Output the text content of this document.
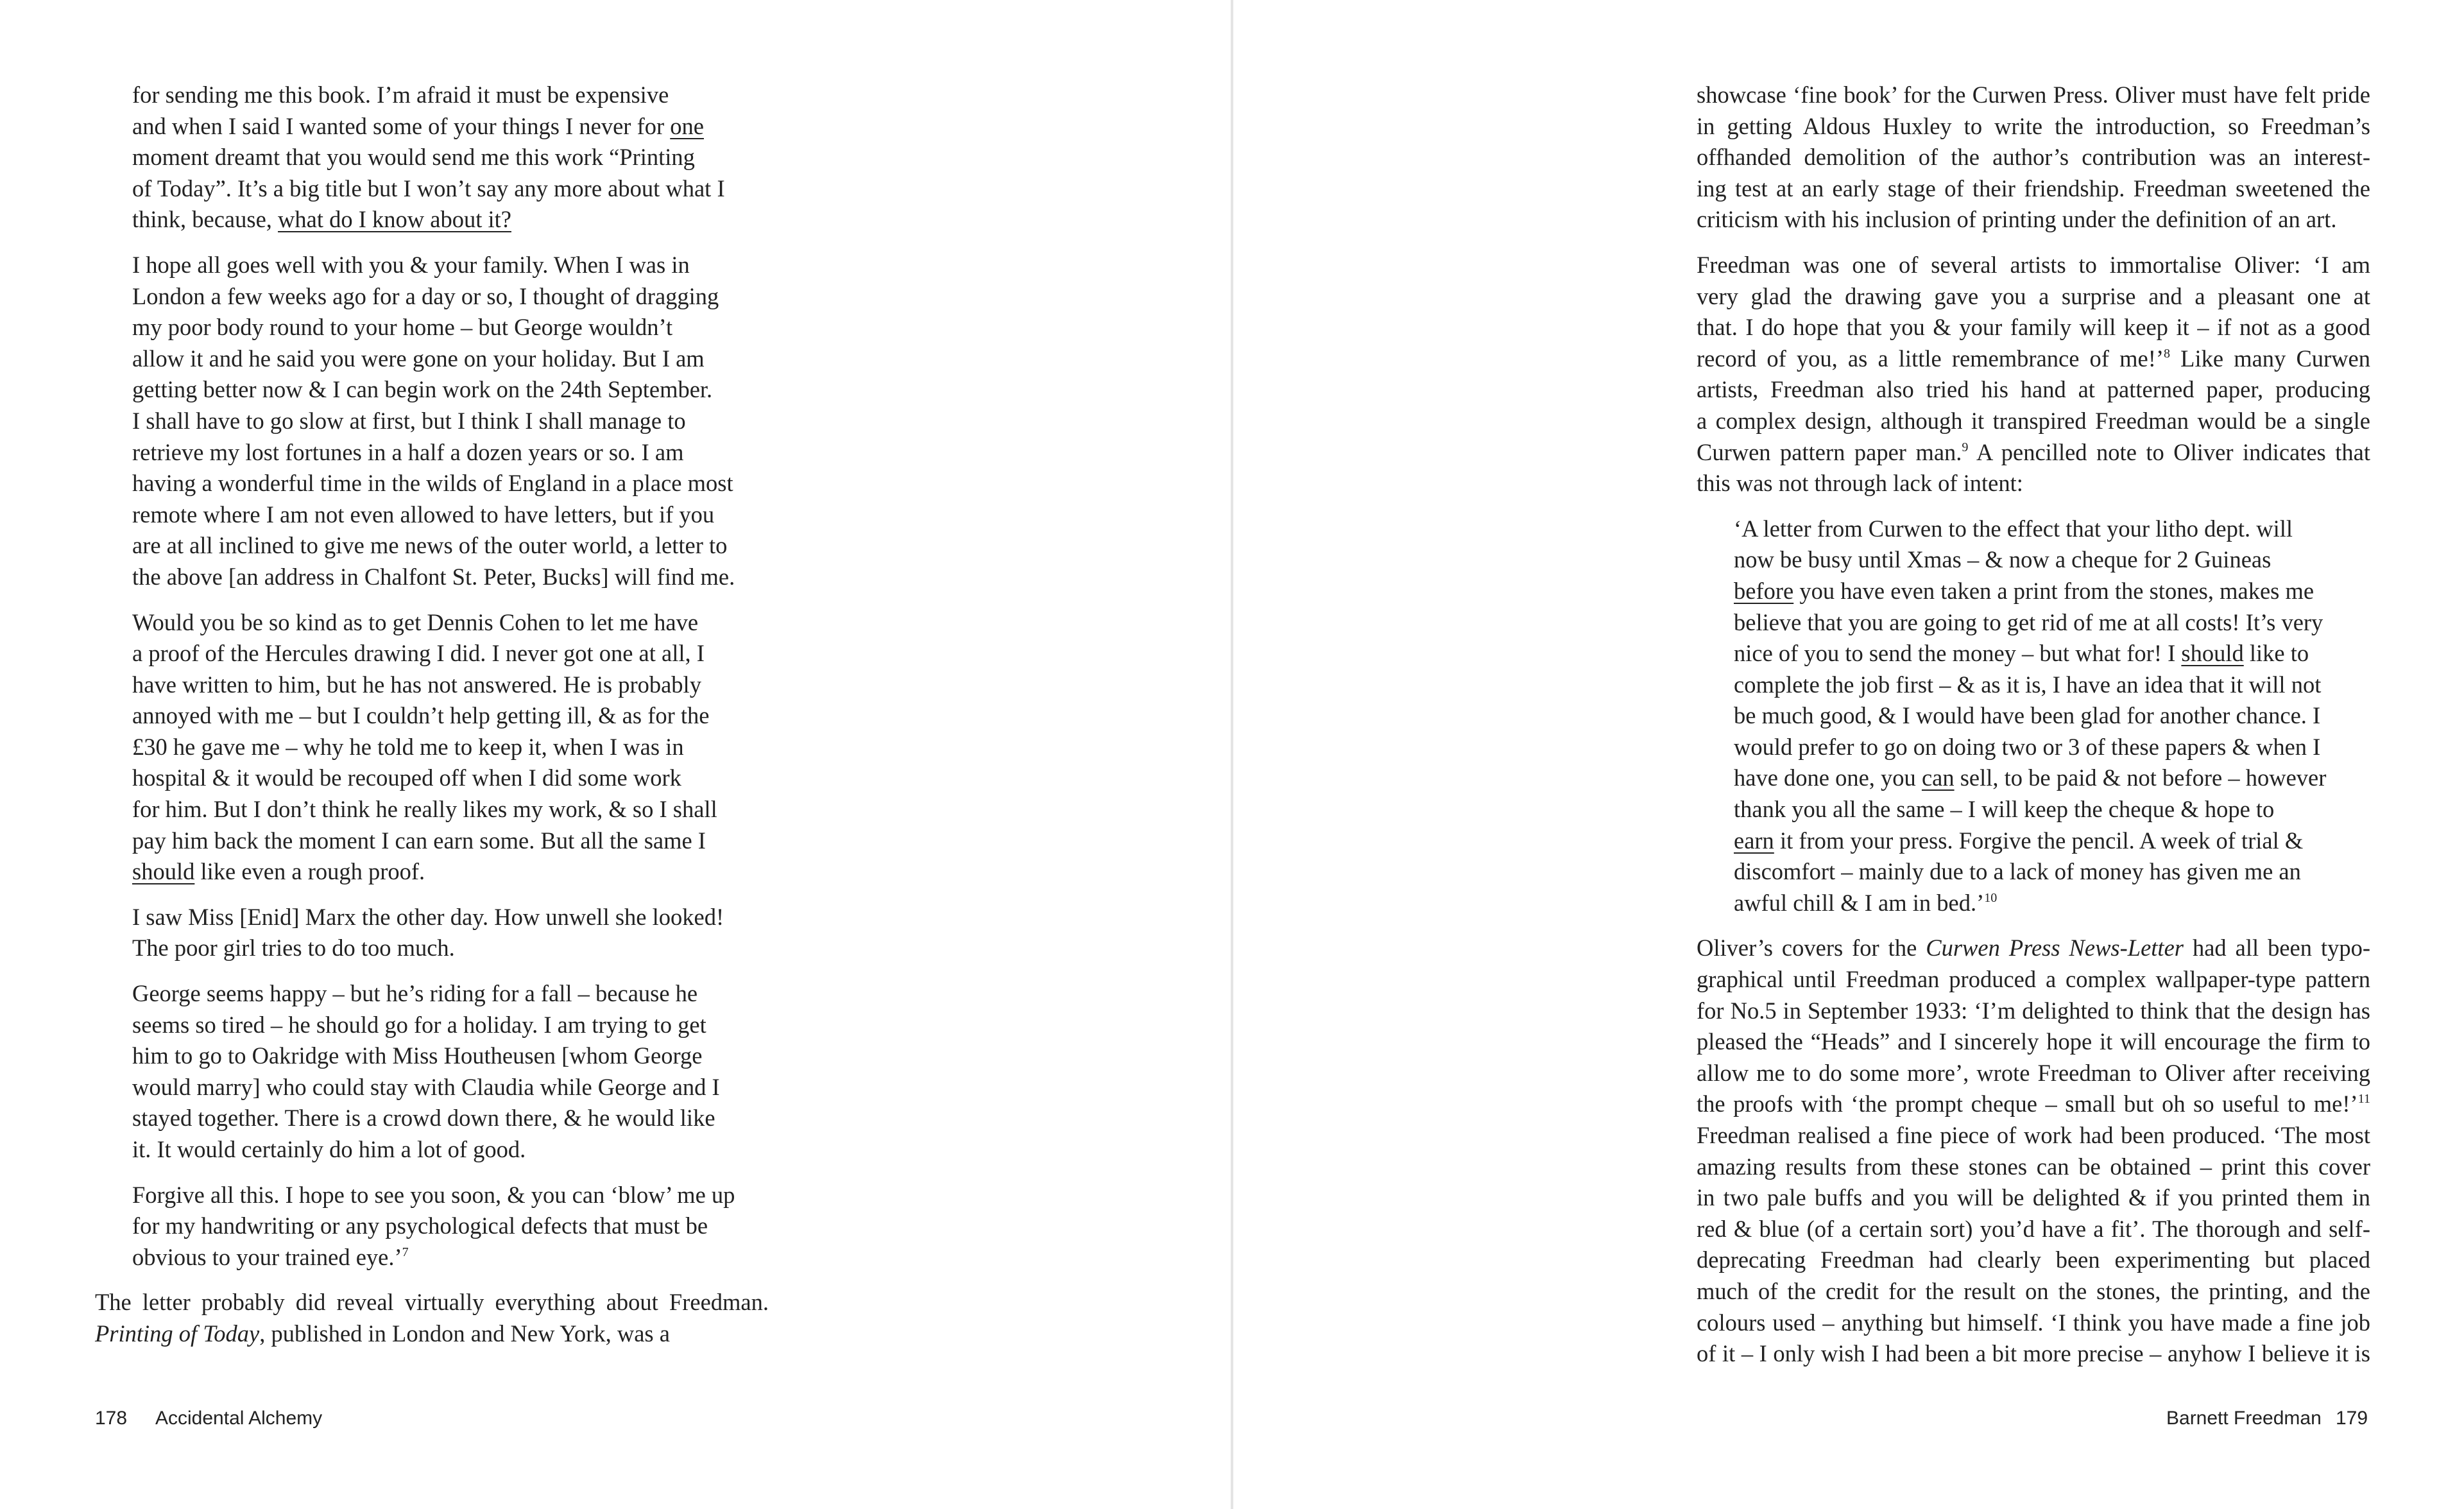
for sending me this book. I’m afraid it must be expensive
and when I said I wanted some of your things I never for one
moment dreamt that you would send me this work “Printing
of Today”. It’s a big title but I won’t say any more about what I
think, because, what do I know about it?
I hope all goes well with you & your family. When I was in
London a few weeks ago for a day or so, I thought of dragging
my poor body round to your home – but George wouldn’t
allow it and he said you were gone on your holiday. But I am
getting better now & I can begin work on the 24th September.
I shall have to go slow at first, but I think I shall manage to
retrieve my lost fortunes in a half a dozen years or so. I am
having a wonderful time in the wilds of England in a place most
remote where I am not even allowed to have letters, but if you
are at all inclined to give me news of the outer world, a letter to
the above [an address in Chalfont St. Peter, Bucks] will find me.
Would you be so kind as to get Dennis Cohen to let me have
a proof of the Hercules drawing I did. I never got one at all, I
have written to him, but he has not answered. He is probably
annoyed with me – but I couldn’t help getting ill, & as for the
£30 he gave me – why he told me to keep it, when I was in
hospital & it would be recouped off when I did some work
for him. But I don’t think he really likes my work, & so I shall
pay him back the moment I can earn some. But all the same I
should like even a rough proof.
I saw Miss [Enid] Marx the other day. How unwell she looked!
The poor girl tries to do too much.
George seems happy – but he’s riding for a fall – because he
seems so tired – he should go for a holiday. I am trying to get
him to go to Oakridge with Miss Houtheusen [whom George
would marry] who could stay with Claudia while George and I
stayed together. There is a crowd down there, & he would like
it. It would certainly do him a lot of good.
Forgive all this. I hope to see you soon, & you can ‘blow’ me up
for my handwriting or any psychological defects that must be
obvious to your trained eye.’$^7$
The letter probably did reveal virtually everything about Freedman.
Printing of Today, published in London and New York, was a
178 Accidental Alchemy
showcase ‘fine book’ for the Curwen Press. Oliver must have felt pride
in getting Aldous Huxley to write the introduction, so Freedman’s
offhanded demolition of the author’s contribution was an interest-
ing test at an early stage of their friendship. Freedman sweetened the
criticism with his inclusion of printing under the definition of an art.
Freedman was one of several artists to immortalise Oliver: ‘I am
very glad the drawing gave you a surprise and a pleasant one at
that. I do hope that you & your family will keep it – if not as a good
record of you, as a little remembrance of me!’$^8$ Like many Curwen
artists, Freedman also tried his hand at patterned paper, producing
a complex design, although it transpired Freedman would be a single
Curwen pattern paper man.$^9$ A pencilled note to Oliver indicates that
this was not through lack of intent:
‘A letter from Curwen to the effect that your litho dept. will
now be busy until Xmas – & now a cheque for 2 Guineas
before you have even taken a print from the stones, makes me
believe that you are going to get rid of me at all costs! It’s very
nice of you to send the money – but what for! I should like to
complete the job first – & as it is, I have an idea that it will not
be much good, & I would have been glad for another chance. I
would prefer to go on doing two or 3 of these papers & when I
have done one, you can sell, to be paid & not before – however
thank you all the same – I will keep the cheque & hope to
earn it from your press. Forgive the pencil. A week of trial &
discomfort – mainly due to a lack of money has given me an
awful chill & I am in bed.’$^{10}$
Oliver’s covers for the Curwen Press News-Letter had all been typo-
graphical until Freedman produced a complex wallpaper-type pattern
for No.5 in September 1933: ‘I’m delighted to think that the design has
pleased the “Heads” and I sincerely hope it will encourage the firm to
allow me to do some more’, wrote Freedman to Oliver after receiving
the proofs with ‘the prompt cheque – small but oh so useful to me!’$^{11}$
Freedman realised a fine piece of work had been produced. ‘The most
amazing results from these stones can be obtained – print this cover
in two pale buffs and you will be delighted & if you printed them in
red & blue (of a certain sort) you’d have a fit’. The thorough and self-
deprecating Freedman had clearly been experimenting but placed
much of the credit for the result on the stones, the printing, and the
colours used – anything but himself. ‘I think you have made a fine job
of it – I only wish I had been a bit more precise – anyhow I believe it is
Barnett Freedman 179
